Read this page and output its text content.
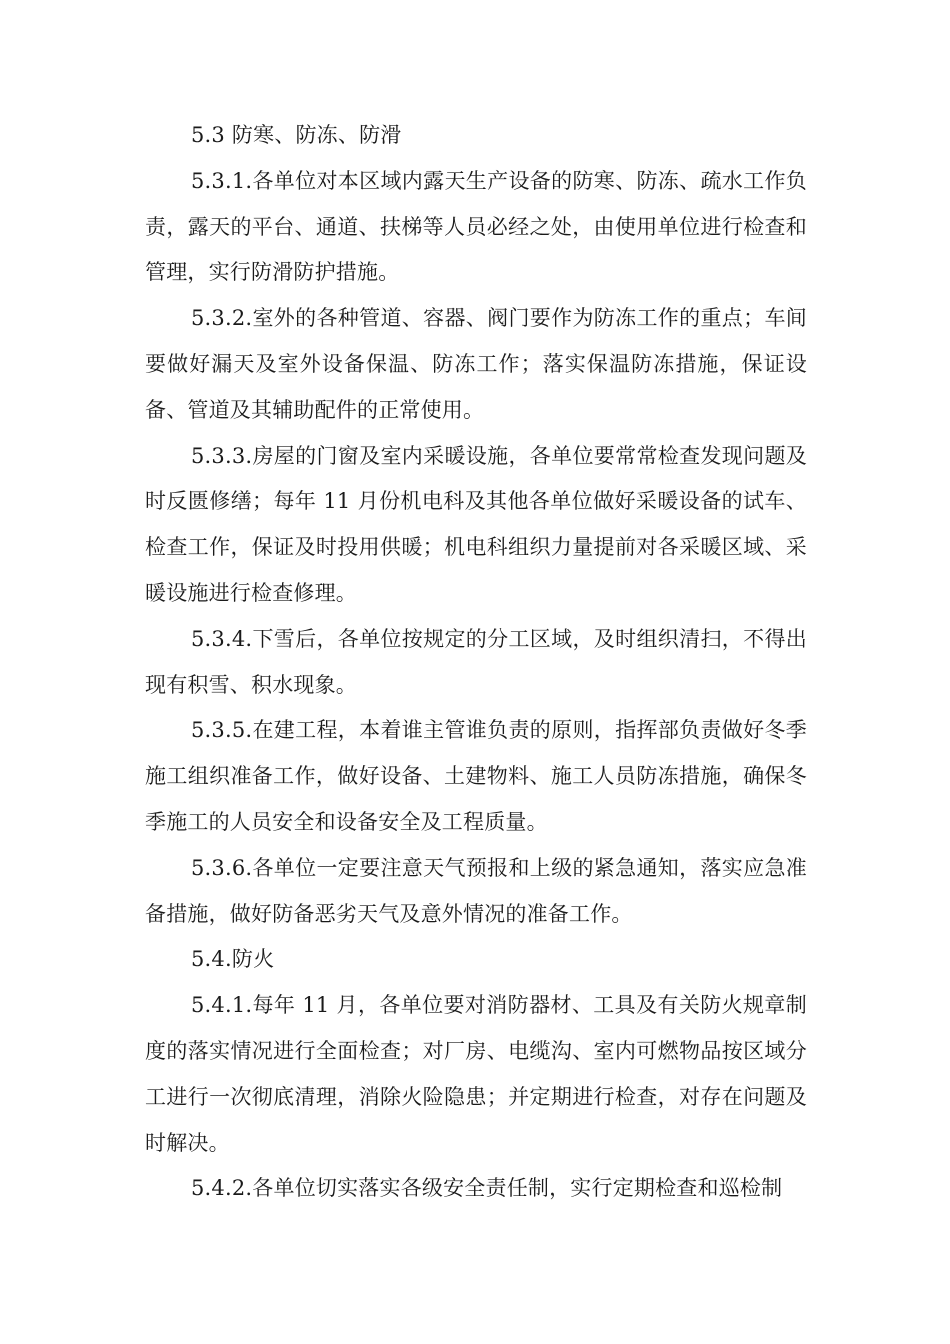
5.3 防寒、防冻、防滑

5.3.1.各单位对本区域内露天生产设备的防寒、防冻、疏水工作负责，露天的平台、通道、扶梯等人员必经之处，由使用单位进行检查和管理，实行防滑防护措施。

5.3.2.室外的各种管道、容器、阀门要作为防冻工作的重点；车间要做好漏天及室外设备保温、防冻工作；落实保温防冻措施，保证设备、管道及其辅助配件的正常使用。

5.3.3.房屋的门窗及室内采暖设施，各单位要常常检查发现问题及时反匮修缮；每年 11 月份机电科及其他各单位做好采暖设备的试车、检查工作，保证及时投用供暖；机电科组织力量提前对各采暖区域、采暖设施进行检查修理。

5.3.4.下雪后，各单位按规定的分工区域，及时组织清扫，不得出现有积雪、积水现象。

5.3.5.在建工程，本着谁主管谁负责的原则，指挥部负责做好冬季施工组织准备工作，做好设备、土建物料、施工人员防冻措施，确保冬季施工的人员安全和设备安全及工程质量。

5.3.6.各单位一定要注意天气预报和上级的紧急通知，落实应急准备措施，做好防备恶劣天气及意外情况的准备工作。

5.4.防火

5.4.1.每年 11 月，各单位要对消防器材、工具及有关防火规章制度的落实情况进行全面检查；对厂房、电缆沟、室内可燃物品按区域分工进行一次彻底清理，消除火险隐患；并定期进行检查，对存在问题及时解决。

5.4.2.各单位切实落实各级安全责任制，实行定期检查和巡检制
